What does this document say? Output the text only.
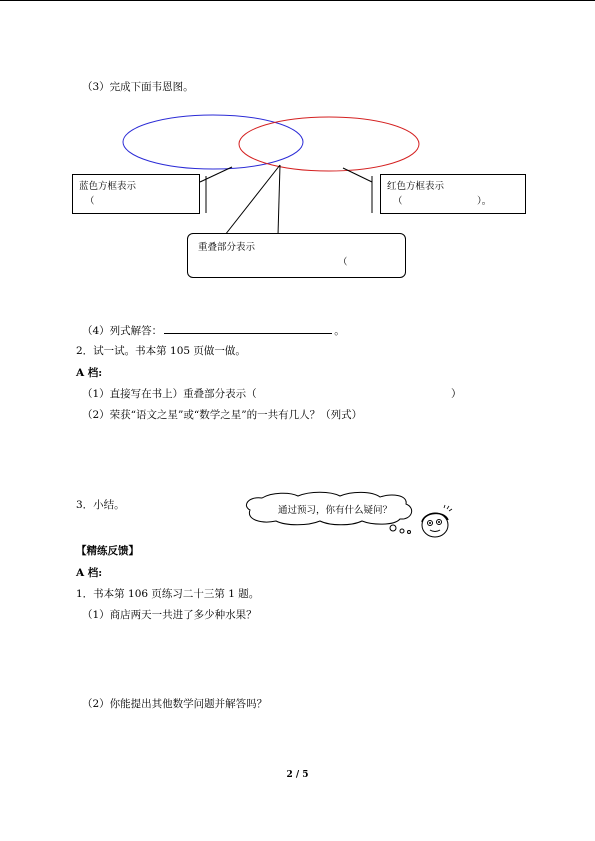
（3）完成下面韦恩图。
蓝色方框表示
（
红色方框表示
（	）。
重叠部分表示
（
（4）列式解答：	。
2．试一试。书本第 105 页做一做。
A 档:
（1）直接写在书上）重叠部分表示（	）
（2）荣获“语文之星”或“数学之星”的一共有几人？（列式）
3．小结。	通过预习，你有什么疑问？
【精练反馈】
A 档:
1．书本第 106 页练习二十三第 1 题。
（1）商店两天一共进了多少种水果？
（2）你能提出其他数学问题并解答吗？
2 / 5
